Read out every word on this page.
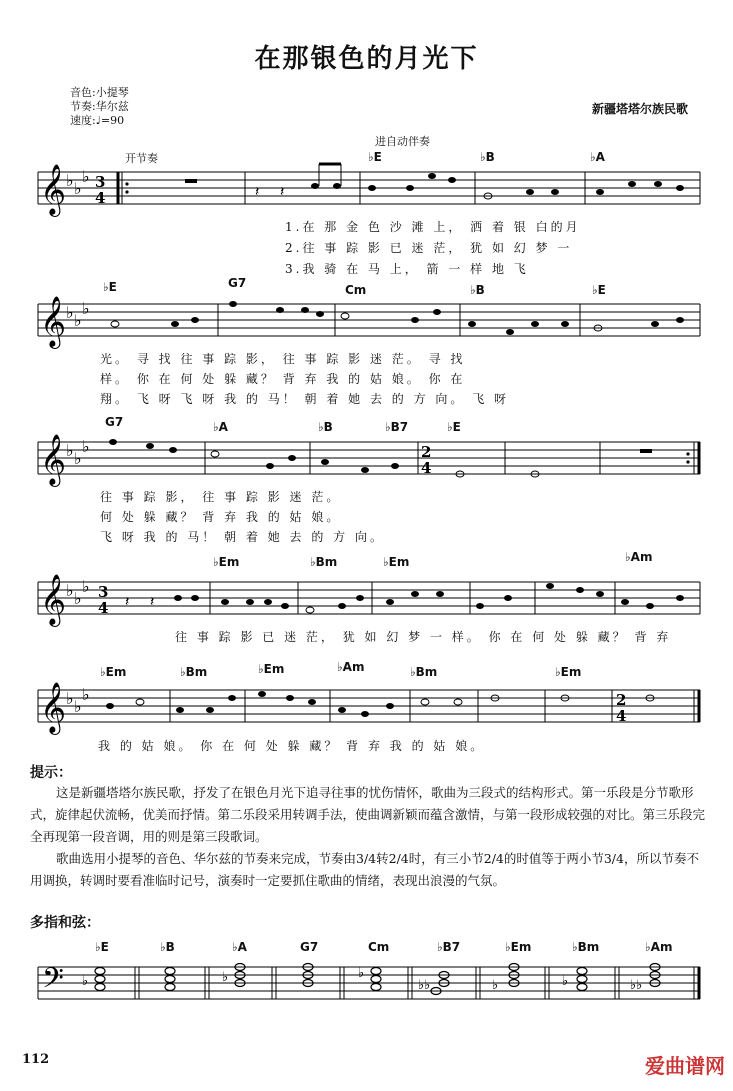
在那银色的月光下
音色:小提琴
节奏:华尔兹
速度:♩=90
新疆塔塔尔族民歌
开节奏
进自动伴奏
♭E	♭B	♭A
𝄞 ♭ ♭
♭ 3
4	𝄽 𝄽
1.在 那 金 色 沙 滩 上， 洒 着 银 白的月
2.往 事 踪 影 已 迷 茫， 犹 如 幻 梦 一
3.我 骑 在 马 上， 箭 一 样 地 飞
♭E	G7	Cm	♭B	♭E
𝄞 ♭ ♭
♭
光。 寻 找 往 事 踪 影， 往 事 踪 影 迷 茫。 寻 找
样。 你 在 何 处 躲 藏？ 背 弃 我 的 姑 娘。 你 在
翔。 飞 呀 飞 呀 我 的 马！ 朝 着 她 去 的 方 向。 飞 呀
G7	♭A	♭B	♭B7	♭E
𝄞 ♭ ♭
♭	2
4
往 事 踪 影， 往 事 踪 影 迷 茫。
何 处 躲 藏？ 背 弃 我 的 姑 娘。
飞 呀 我 的 马！ 朝 着 她 去 的 方 向。
♭Em	♭Bm	♭Em	♭Am
𝄞 ♭ ♭
♭ 3
4 𝄽 𝄽
往 事 踪 影 已 迷 茫， 犹 如 幻 梦 一 样。 你 在 何 处 躲 藏？ 背 弃
♭Em	♭Bm	♭Em	♭Am	♭Bm	♭Em
𝄞 ♭ ♭
♭	2
4
我 的 姑 娘。 你 在 何 处 躲 藏？ 背 弃 我 的 姑 娘。
提示：
这是新疆塔塔尔族民歌，抒发了在银色月光下追寻往事的忧伤情怀，歌曲为三段式的结构形式。第一乐段是分节歌形式，旋律起伏流畅，优美而抒情。第二乐段采用转调手法，使曲调新颖而蕴含激情，与第一段形成较强的对比。第三乐段完全再现第一段音调，用的则是第三段歌词。
歌曲选用小提琴的音色、华尔兹的节奏来完成，节奏由3/4转2/4时，有三小节2/4的时值等于两小节3/4，所以节奏不用调换，转调时要看准临时记号，演奏时一定要抓住歌曲的情绪，表现出浪漫的气氛。
多指和弦：
♭E	♭B	♭A	G7	Cm	♭B7	♭Em	♭Bm	♭Am
𝄢 ♭	♭	♭
♭♭	♭	♭	♭♭
112	爱曲谱网
